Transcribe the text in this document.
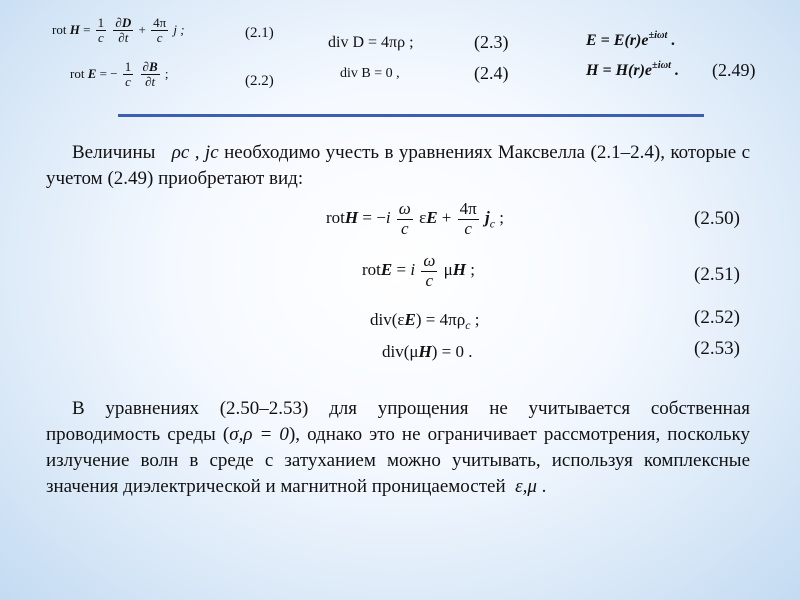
rot $H = \frac{1}{c}$
$\frac{\partial D}{\partial t} + \frac{4\pi}{c}$ j ;	(2.1)
rot E = − $\frac{1}{c}$
$\frac{\partial B}{\partial t}$ ;	(2.2)
div D = 4πρ ;	(2.3)
div B = 0 ,	(2.4)
$E = E(r)e^{\pm i\omega t}$ .
$H = H(r)e^{\pm i\omega t}$ . (2.49)
Величины ρc , jc необходимо учесть в уравнениях Максвелла (2.1–2.4), которые с учетом (2.49) приобретают вид:
rotH = $-i \frac{\omega}{c}$ $\varepsilon E + \frac{4\pi}{c} j_c$ ;	(2.50)
rotE = i $\frac{\omega}{c}$ μH ;	(2.51)
$div(\varepsilon E) = 4\pi\rho_c$ ;	(2.52)
div(μH) = 0 .	(2.53)
В уравнениях (2.50–2.53) для упрощения не учитывается собственная проводимость среды (σ,ρ = 0), однако это не ограничивает рассмотрения, поскольку излучение волн в среде с затуханием можно учитывать, используя комплексные значения диэлектрической и магнитной проницаемостей ε,μ .
